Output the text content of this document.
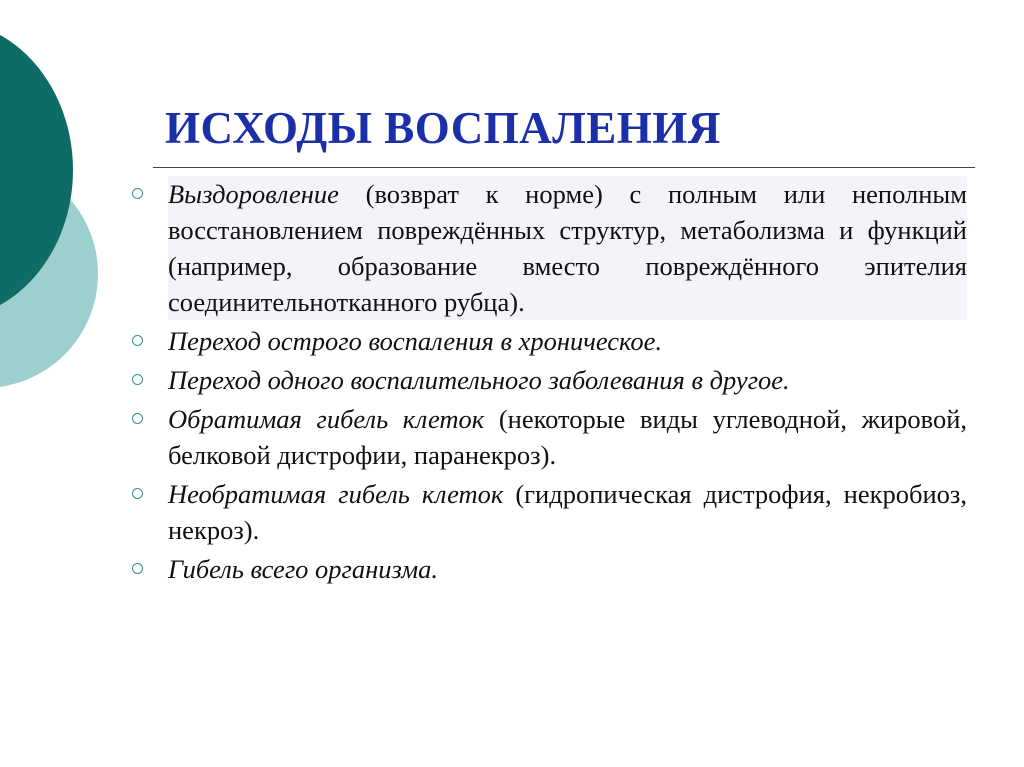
ИСХОДЫ ВОСПАЛЕНИЯ
Выздоровление (возврат к норме) с полным или неполным восстановлением повреждённых структур, метаболизма и функций (например, образование вместо повреждённого эпителия соединительнотканного рубца).
Переход острого воспаления в хроническое.
Переход одного воспалительного заболевания в другое.
Обратимая гибель клеток (некоторые виды углеводной, жировой, белковой дистрофии, паранекроз).
Необратимая гибель клеток (гидропическая дистрофия, некробиоз, некроз).
Гибель всего организма.
